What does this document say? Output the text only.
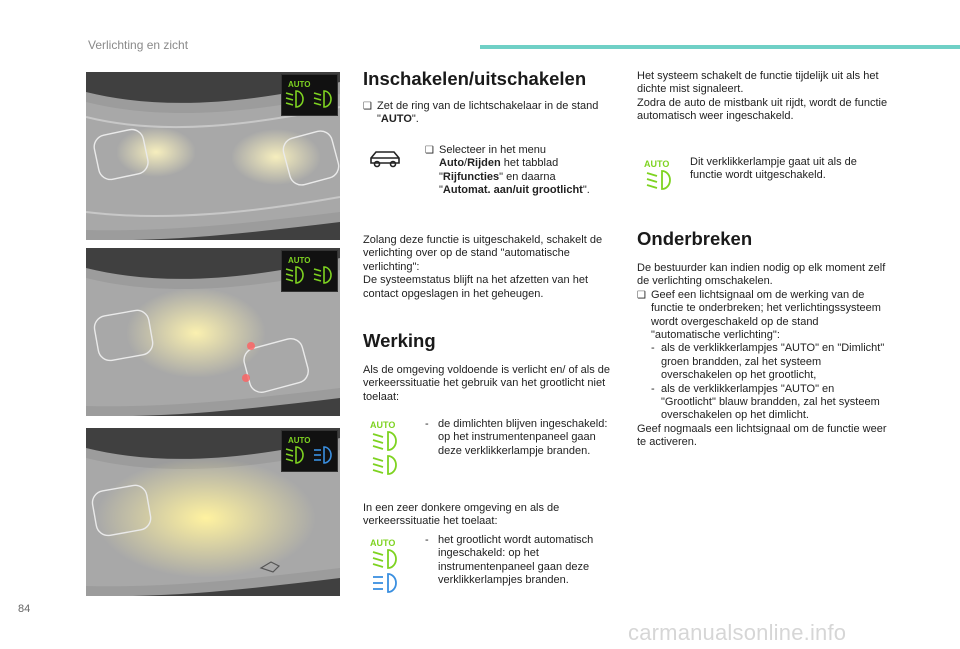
Verlichting en zicht
AUTO
AUTO
AUTO
Inschakelen/uitschakelen
❑ Zet de ring van de lichtschakelaar in de stand "AUTO".
❑ Selecteer in het menu
Auto/Rijden het tabblad
"Rijfuncties" en daarna
"Automat. aan/uit grootlicht".

Zolang deze functie is uitgeschakeld, schakelt de verlichting over op de stand "automatische verlichting":

De systeemstatus blijft na het afzetten van het contact opgeslagen in het geheugen.

Werking
Als de omgeving voldoende is verlicht en/ of als de verkeerssituatie het gebruik van het grootlicht niet toelaat:
AUTO	- de dimlichten blijven ingeschakeld: op het instrumentenpaneel gaan deze verklikkerlampje branden.
In een zeer donkere omgeving en als de verkeerssituatie het toelaat:
AUTO	- het grootlicht wordt automatisch ingeschakeld: op het instrumentenpaneel gaan deze verklikkerlampjes branden.

Het systeem schakelt de functie tijdelijk uit als het dichte mist signaleert.

Zodra de auto de mistbank uit rijdt, wordt de functie automatisch weer ingeschakeld.

AUTO Dit verklikkerlampje gaat uit als de functie wordt uitgeschakeld.
Onderbreken

De bestuurder kan indien nodig op elk moment zelf de verlichting omschakelen.

❑ Geef een lichtsignaal om de werking van de functie te onderbreken; het verlichtingssysteem wordt overgeschakeld op de stand "automatische verlichting":
- als de verklikkerlampjes "AUTO" en "Dimlicht" groen brandden, zal het systeem overschakelen op het grootlicht,
- als de verklikkerlampjes "AUTO" en "Grootlicht" blauw brandden, zal het systeem overschakelen op het dimlicht.

Geef nogmaals een lichtsignaal om de functie weer te activeren.

84
carmanualsonline.info
